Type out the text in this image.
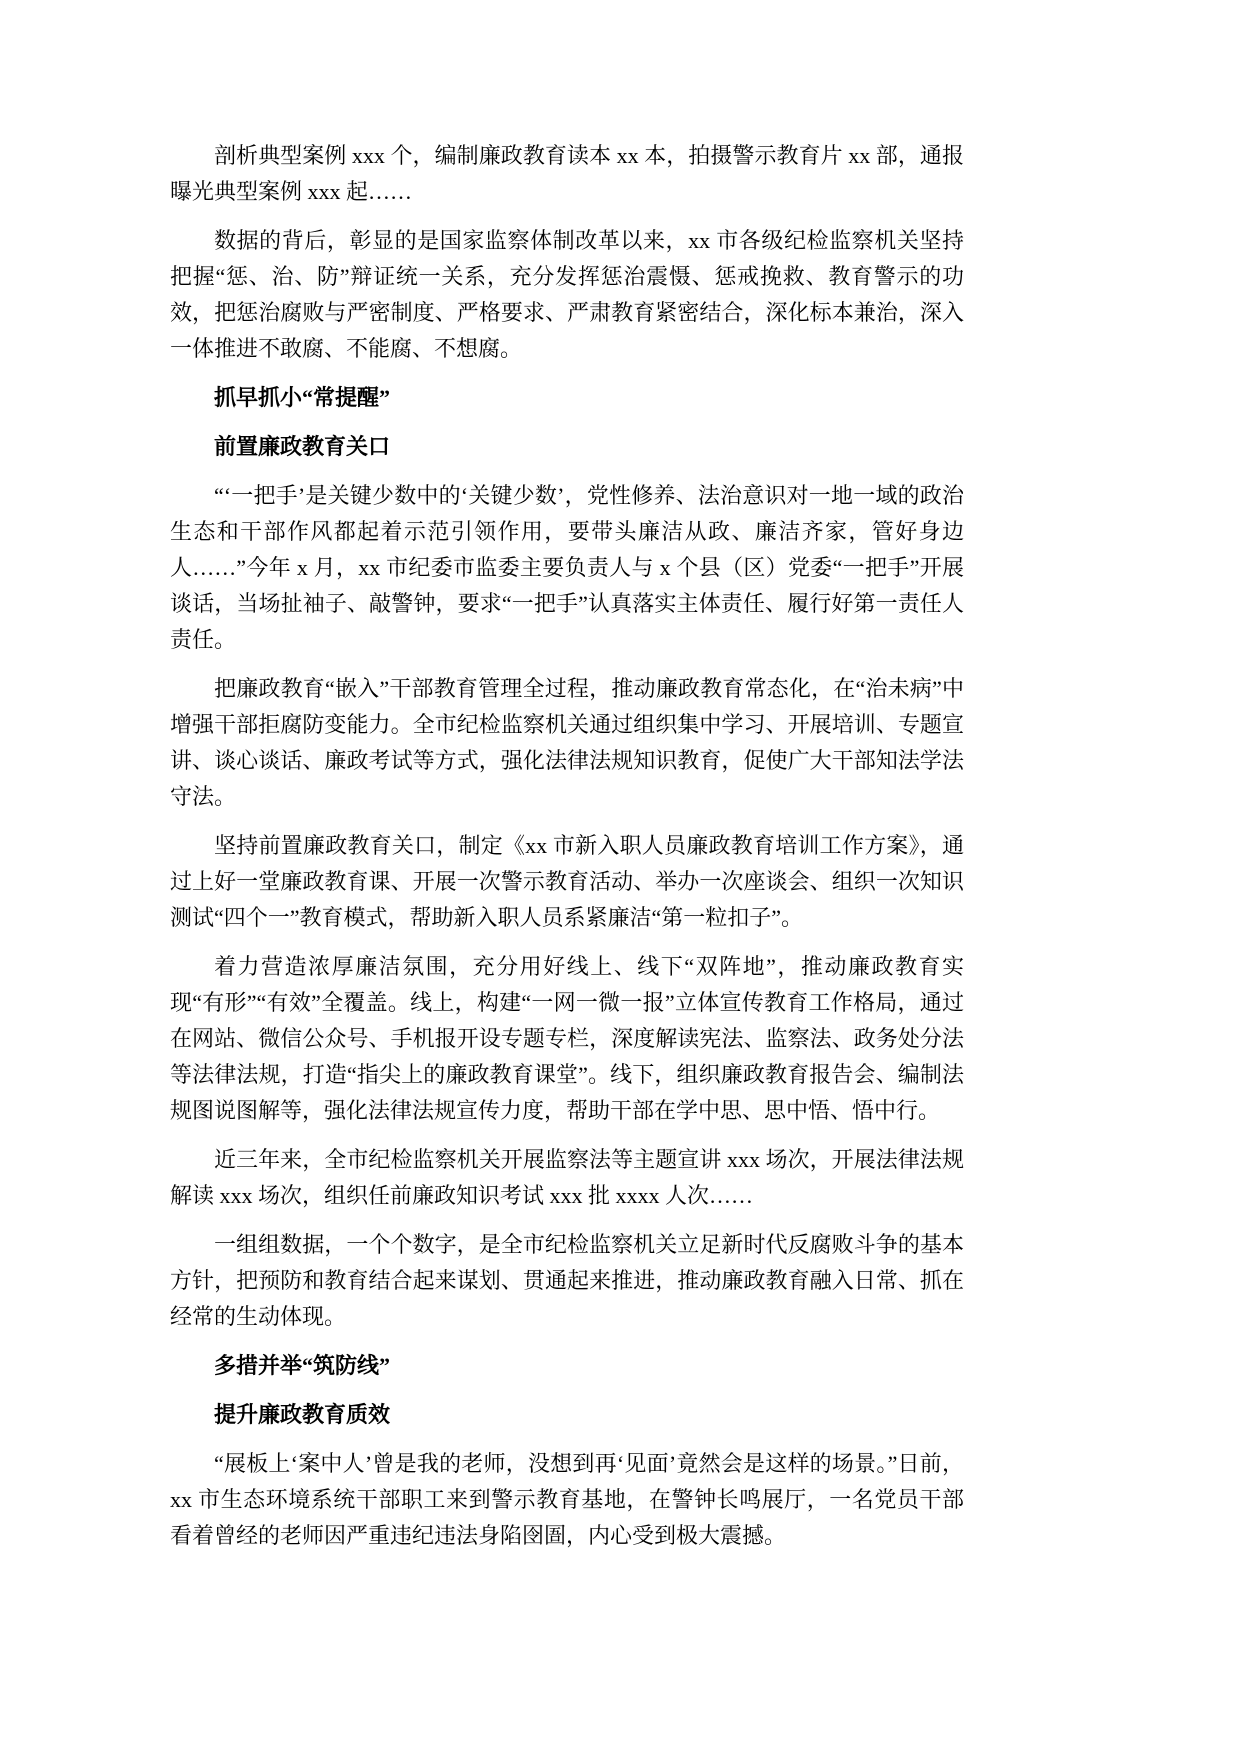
剖析典型案例 xxx 个，编制廉政教育读本 xx 本，拍摄警示教育片 xx 部，通报曝光典型案例 xxx 起……

数据的背后，彰显的是国家监察体制改革以来，xx 市各级纪检监察机关坚持把握“惩、治、防”辩证统一关系，充分发挥惩治震慑、惩戒挽救、教育警示的功效，把惩治腐败与严密制度、严格要求、严肃教育紧密结合，深化标本兼治，深入一体推进不敢腐、不能腐、不想腐。

抓早抓小“常提醒”

前置廉政教育关口

“‘一把手’是关键少数中的‘关键少数’，党性修养、法治意识对一地一域的政治生态和干部作风都起着示范引领作用，要带头廉洁从政、廉洁齐家，管好身边人……”今年 x 月，xx 市纪委市监委主要负责人与 x 个县（区）党委“一把手”开展谈话，当场扯袖子、敲警钟，要求“一把手”认真落实主体责任、履行好第一责任人责任。

把廉政教育“嵌入”干部教育管理全过程，推动廉政教育常态化，在“治未病”中增强干部拒腐防变能力。全市纪检监察机关通过组织集中学习、开展培训、专题宣讲、谈心谈话、廉政考试等方式，强化法律法规知识教育，促使广大干部知法学法守法。

坚持前置廉政教育关口，制定《xx 市新入职人员廉政教育培训工作方案》，通过上好一堂廉政教育课、开展一次警示教育活动、举办一次座谈会、组织一次知识测试“四个一”教育模式，帮助新入职人员系紧廉洁“第一粒扣子”。

着力营造浓厚廉洁氛围，充分用好线上、线下“双阵地”，推动廉政教育实现“有形”“有效”全覆盖。线上，构建“一网一微一报”立体宣传教育工作格局，通过在网站、微信公众号、手机报开设专题专栏，深度解读宪法、监察法、政务处分法等法律法规，打造“指尖上的廉政教育课堂”。线下，组织廉政教育报告会、编制法规图说图解等，强化法律法规宣传力度，帮助干部在学中思、思中悟、悟中行。

近三年来，全市纪检监察机关开展监察法等主题宣讲 xxx 场次，开展法律法规解读 xxx 场次，组织任前廉政知识考试 xxx 批 xxxx 人次……

一组组数据，一个个数字，是全市纪检监察机关立足新时代反腐败斗争的基本方针，把预防和教育结合起来谋划、贯通起来推进，推动廉政教育融入日常、抓在经常的生动体现。

多措并举“筑防线”

提升廉政教育质效

“展板上‘案中人’曾是我的老师，没想到再‘见面’竟然会是这样的场景。”日前，xx 市生态环境系统干部职工来到警示教育基地，在警钟长鸣展厅，一名党员干部看着曾经的老师因严重违纪违法身陷囹圄，内心受到极大震撼。
